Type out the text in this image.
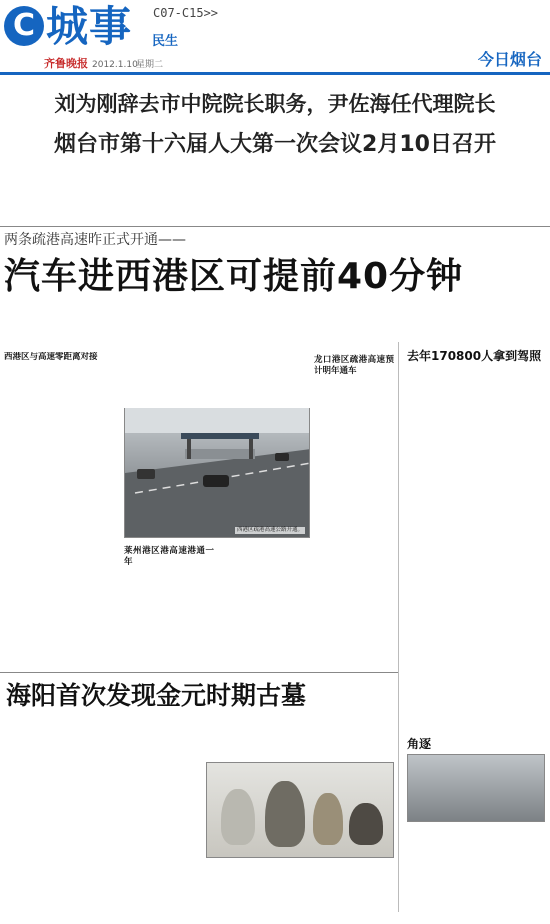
C 城事 C07-C15>>
民生
齐鲁晚报 2012.1.10
星期二	今日烟台
刘为刚辞去市中院院长职务，尹佐海任代理院长
烟台市第十六届人大第一次会议2月10日召开
两条疏港高速昨正式开通——
汽车进西港区可提前40分钟
西港区与高速零距离对接
西港区疏港高速公路开通。
莱州港区港高速港通一年
龙口港区疏港高速预计明年通车
去年170800人拿到驾照
角逐
海阳首次发现金元时期古墓
